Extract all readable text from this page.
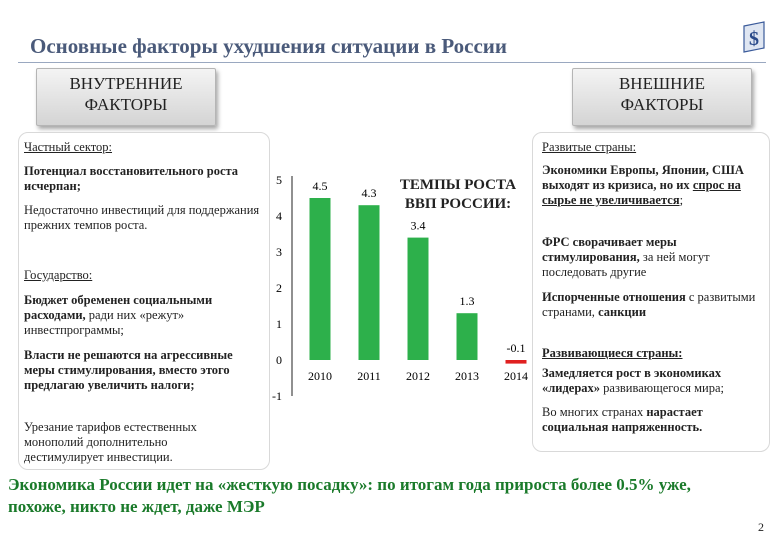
Основные факторы ухудшения ситуации в России	$
ВНУТРЕННИЕ
ФАКТОРЫ
ВНЕШНИЕ
ФАКТОРЫ
Частный сектор:
Потенциал восстановительного роста исчерпан;
Недостаточно инвестиций для поддержания прежних темпов роста.
Государство:
Бюджет обременен социальными расходами, ради них «режут» инвестпрограммы;
Власти не решаются на агрессивные меры стимулирования, вместо этого предлагаю увеличить налоги;
Урезание тарифов естественных монополий дополнительно дестимулирует инвестиции.
5
4
3
2
1
0
-1
2010
4.5
2011
4.3
2012
3.4
2013
1.3
2014
-0.1
ТЕМПЫ РОСТА ВВП РОССИИ:
Развитые страны:
Экономики Европы, Японии, США выходят из кризиса, но их спрос на сырье не увеличивается;
ФРС сворачивает меры стимулирования, за ней могут последовать другие
Испорченные отношения с развитыми странами, санкции
Развивающиеся страны:
Замедляется рост в экономиках «лидерах» развивающегося мира;
Во многих странах нарастает социальная напряженность.
Экономика России идет на «жесткую посадку»: по итогам года прироста более 0.5% уже, похоже, никто не ждет, даже МЭР
2
